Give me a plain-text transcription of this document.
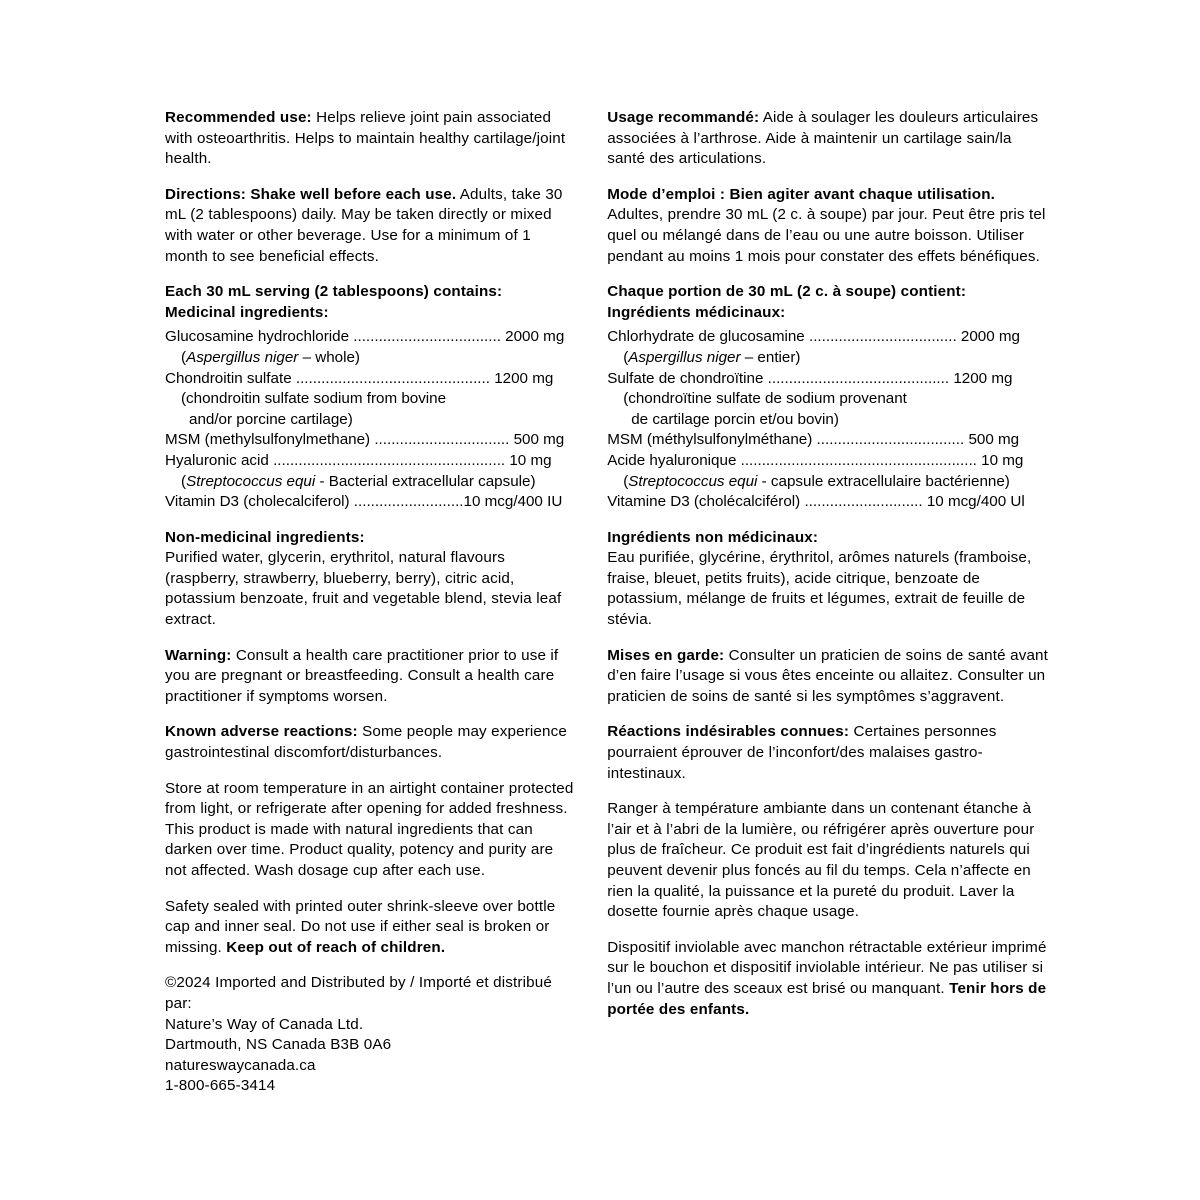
Recommended use: Helps relieve joint pain associated with osteoarthritis. Helps to maintain healthy cartilage/joint health.

Directions: Shake well before each use. Adults, take 30 mL (2 tablespoons) daily. May be taken directly or mixed with water or other beverage. Use for a minimum of 1 month to see beneficial effects.

Each 30 mL serving (2 tablespoons) contains:

Medicinal ingredients:

Glucosamine hydrochloride ................................... 2000 mg
(Aspergillus niger – whole)
Chondroitin sulfate .............................................. 1200 mg
(chondroitin sulfate sodium from bovine
and/or porcine cartilage)
MSM (methylsulfonylmethane) ................................ 500 mg
Hyaluronic acid ....................................................... 10 mg
(Streptococcus equi - Bacterial extracellular capsule)
Vitamin D3 (cholecalciferol) ..........................10 mcg/400 IU

Non-medicinal ingredients:

Purified water, glycerin, erythritol, natural flavours (raspberry, strawberry, blueberry, berry), citric acid, potassium benzoate, fruit and vegetable blend, stevia leaf extract.

Warning: Consult a health care practitioner prior to use if you are pregnant or breastfeeding. Consult a health care practitioner if symptoms worsen.

Known adverse reactions: Some people may experience gastrointestinal discomfort/disturbances.

Store at room temperature in an airtight container protected from light, or refrigerate after opening for added freshness. This product is made with natural ingredients that can darken over time. Product quality, potency and purity are not affected. Wash dosage cup after each use.

Safety sealed with printed outer shrink-sleeve over bottle cap and inner seal. Do not use if either seal is broken or missing. Keep out of reach of children.

©2024 Imported and Distributed by / Importé et distribué par:

Nature’s Way of Canada Ltd.

Dartmouth, NS Canada B3B 0A6

natureswaycanada.ca

1-800-665-3414

Usage recommandé: Aide à soulager les douleurs articulaires associées à l’arthrose. Aide à maintenir un cartilage sain/la santé des articulations.

Mode d’emploi : Bien agiter avant chaque utilisation.

Adultes, prendre 30 mL (2 c. à soupe) par jour. Peut être pris tel quel ou mélangé dans de l’eau ou une autre boisson. Utiliser pendant au moins 1 mois pour constater des effets bénéfiques.

Chaque portion de 30 mL (2 c. à soupe) contient:

Ingrédients médicinaux:

Chlorhydrate de glucosamine ................................... 2000 mg
(Aspergillus niger – entier)
Sulfate de chondroïtine ........................................... 1200 mg
(chondroïtine sulfate de sodium provenant
de cartilage porcin et/ou bovin)
MSM (méthylsulfonylméthane) ................................... 500 mg
Acide hyaluronique ........................................................ 10 mg
(Streptococcus equi - capsule extracellulaire bactérienne)
Vitamine D3 (cholécalciférol) ............................ 10 mcg/400 Ul

Ingrédients non médicinaux:

Eau purifiée, glycérine, érythritol, arômes naturels (framboise, fraise, bleuet, petits fruits), acide citrique, benzoate de potassium, mélange de fruits et légumes, extrait de feuille de stévia.

Mises en garde: Consulter un praticien de soins de santé avant d’en faire l’usage si vous êtes enceinte ou allaitez. Consulter un praticien de soins de santé si les symptômes s’aggravent.

Réactions indésirables connues: Certaines personnes pourraient éprouver de l’inconfort/des malaises gastro-intestinaux.

Ranger à température ambiante dans un contenant étanche à l’air et à l’abri de la lumière, ou réfrigérer après ouverture pour plus de fraîcheur. Ce produit est fait d’ingrédients naturels qui peuvent devenir plus foncés au fil du temps. Cela n’affecte en rien la qualité, la puissance et la pureté du produit. Laver la dosette fournie après chaque usage.

Dispositif inviolable avec manchon rétractable extérieur imprimé sur le bouchon et dispositif inviolable intérieur. Ne pas utiliser si l’un ou l’autre des sceaux est brisé ou manquant. Tenir hors de portée des enfants.
